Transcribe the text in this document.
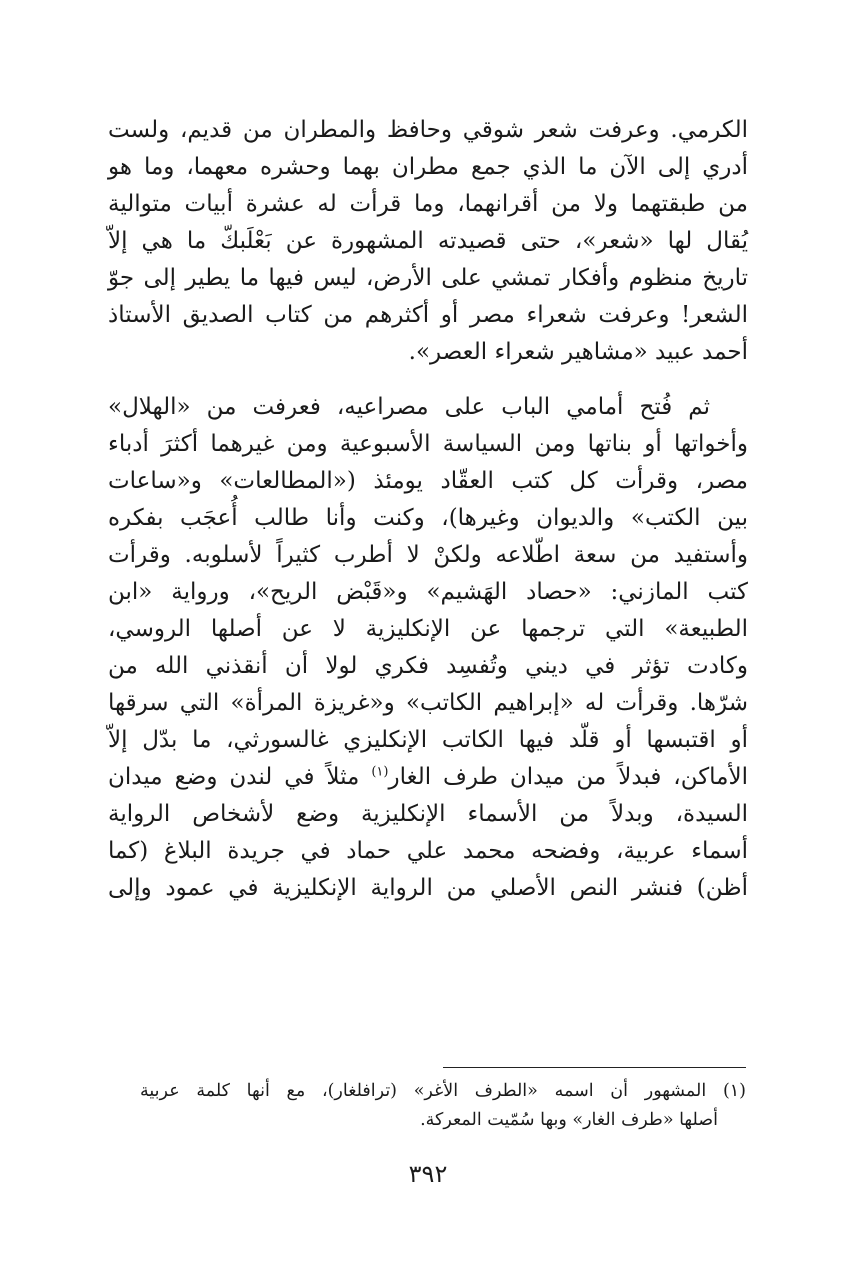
الكرمي. وعرفت شعر شوقي وحافظ والمطران من قديم، ولست
أدري إلى الآن ما الذي جمع مطران بهما وحشره معهما، وما هو
من طبقتهما ولا من أقرانهما، وما قرأت له عشرة أبيات متوالية
يُقال لها «شعر»، حتى قصيدته المشهورة عن بَعْلَبكّ ما هي إلاّ
تاريخ منظوم وأفكار تمشي على الأرض، ليس فيها ما يطير إلى جوّ
الشعر! وعرفت شعراء مصر أو أكثرهم من كتاب الصديق الأستاذ
أحمد عبيد «مشاهير شعراء العصر».

ثم فُتح أمامي الباب على مصراعيه، فعرفت من «الهلال»
وأخواتها أو بناتها ومن السياسة الأسبوعية ومن غيرهما أكثرَ أدباء
مصر، وقرأت كل كتب العقّاد يومئذ («المطالعات» و«ساعات
بين الكتب» والديوان وغيرها)، وكنت وأنا طالب أُعجَب بفكره
وأستفيد من سعة اطّلاعه ولكنْ لا أطرب كثيراً لأسلوبه. وقرأت
كتب المازني: «حصاد الهَشيم» و«قَبْض الريح»، ورواية «ابن
الطبيعة» التي ترجمها عن الإنكليزية لا عن أصلها الروسي،
وكادت تؤثر في ديني وتُفسِد فكري لولا أن أنقذني الله من
شرّها. وقرأت له «إبراهيم الكاتب» و«غريزة المرأة» التي سرقها
أو اقتبسها أو قلّد فيها الكاتب الإنكليزي غالسورثي، ما بدّل إلاّ
الأماكن، فبدلاً من ميدان طرف الغار$^{(١)}$ مثلاً في لندن وضع ميدان
السيدة، وبدلاً من الأسماء الإنكليزية وضع لأشخاص الرواية
أسماء عربية، وفضحه محمد علي حماد في جريدة البلاغ (كما
أظن) فنشر النص الأصلي من الرواية الإنكليزية في عمود وإلى

(١) المشهور أن اسمه «الطرف الأغر» (ترافلغار)، مع أنها كلمة عربية
أصلها «طرف الغار» وبها سُمّيت المعركة.
٣٩٢
